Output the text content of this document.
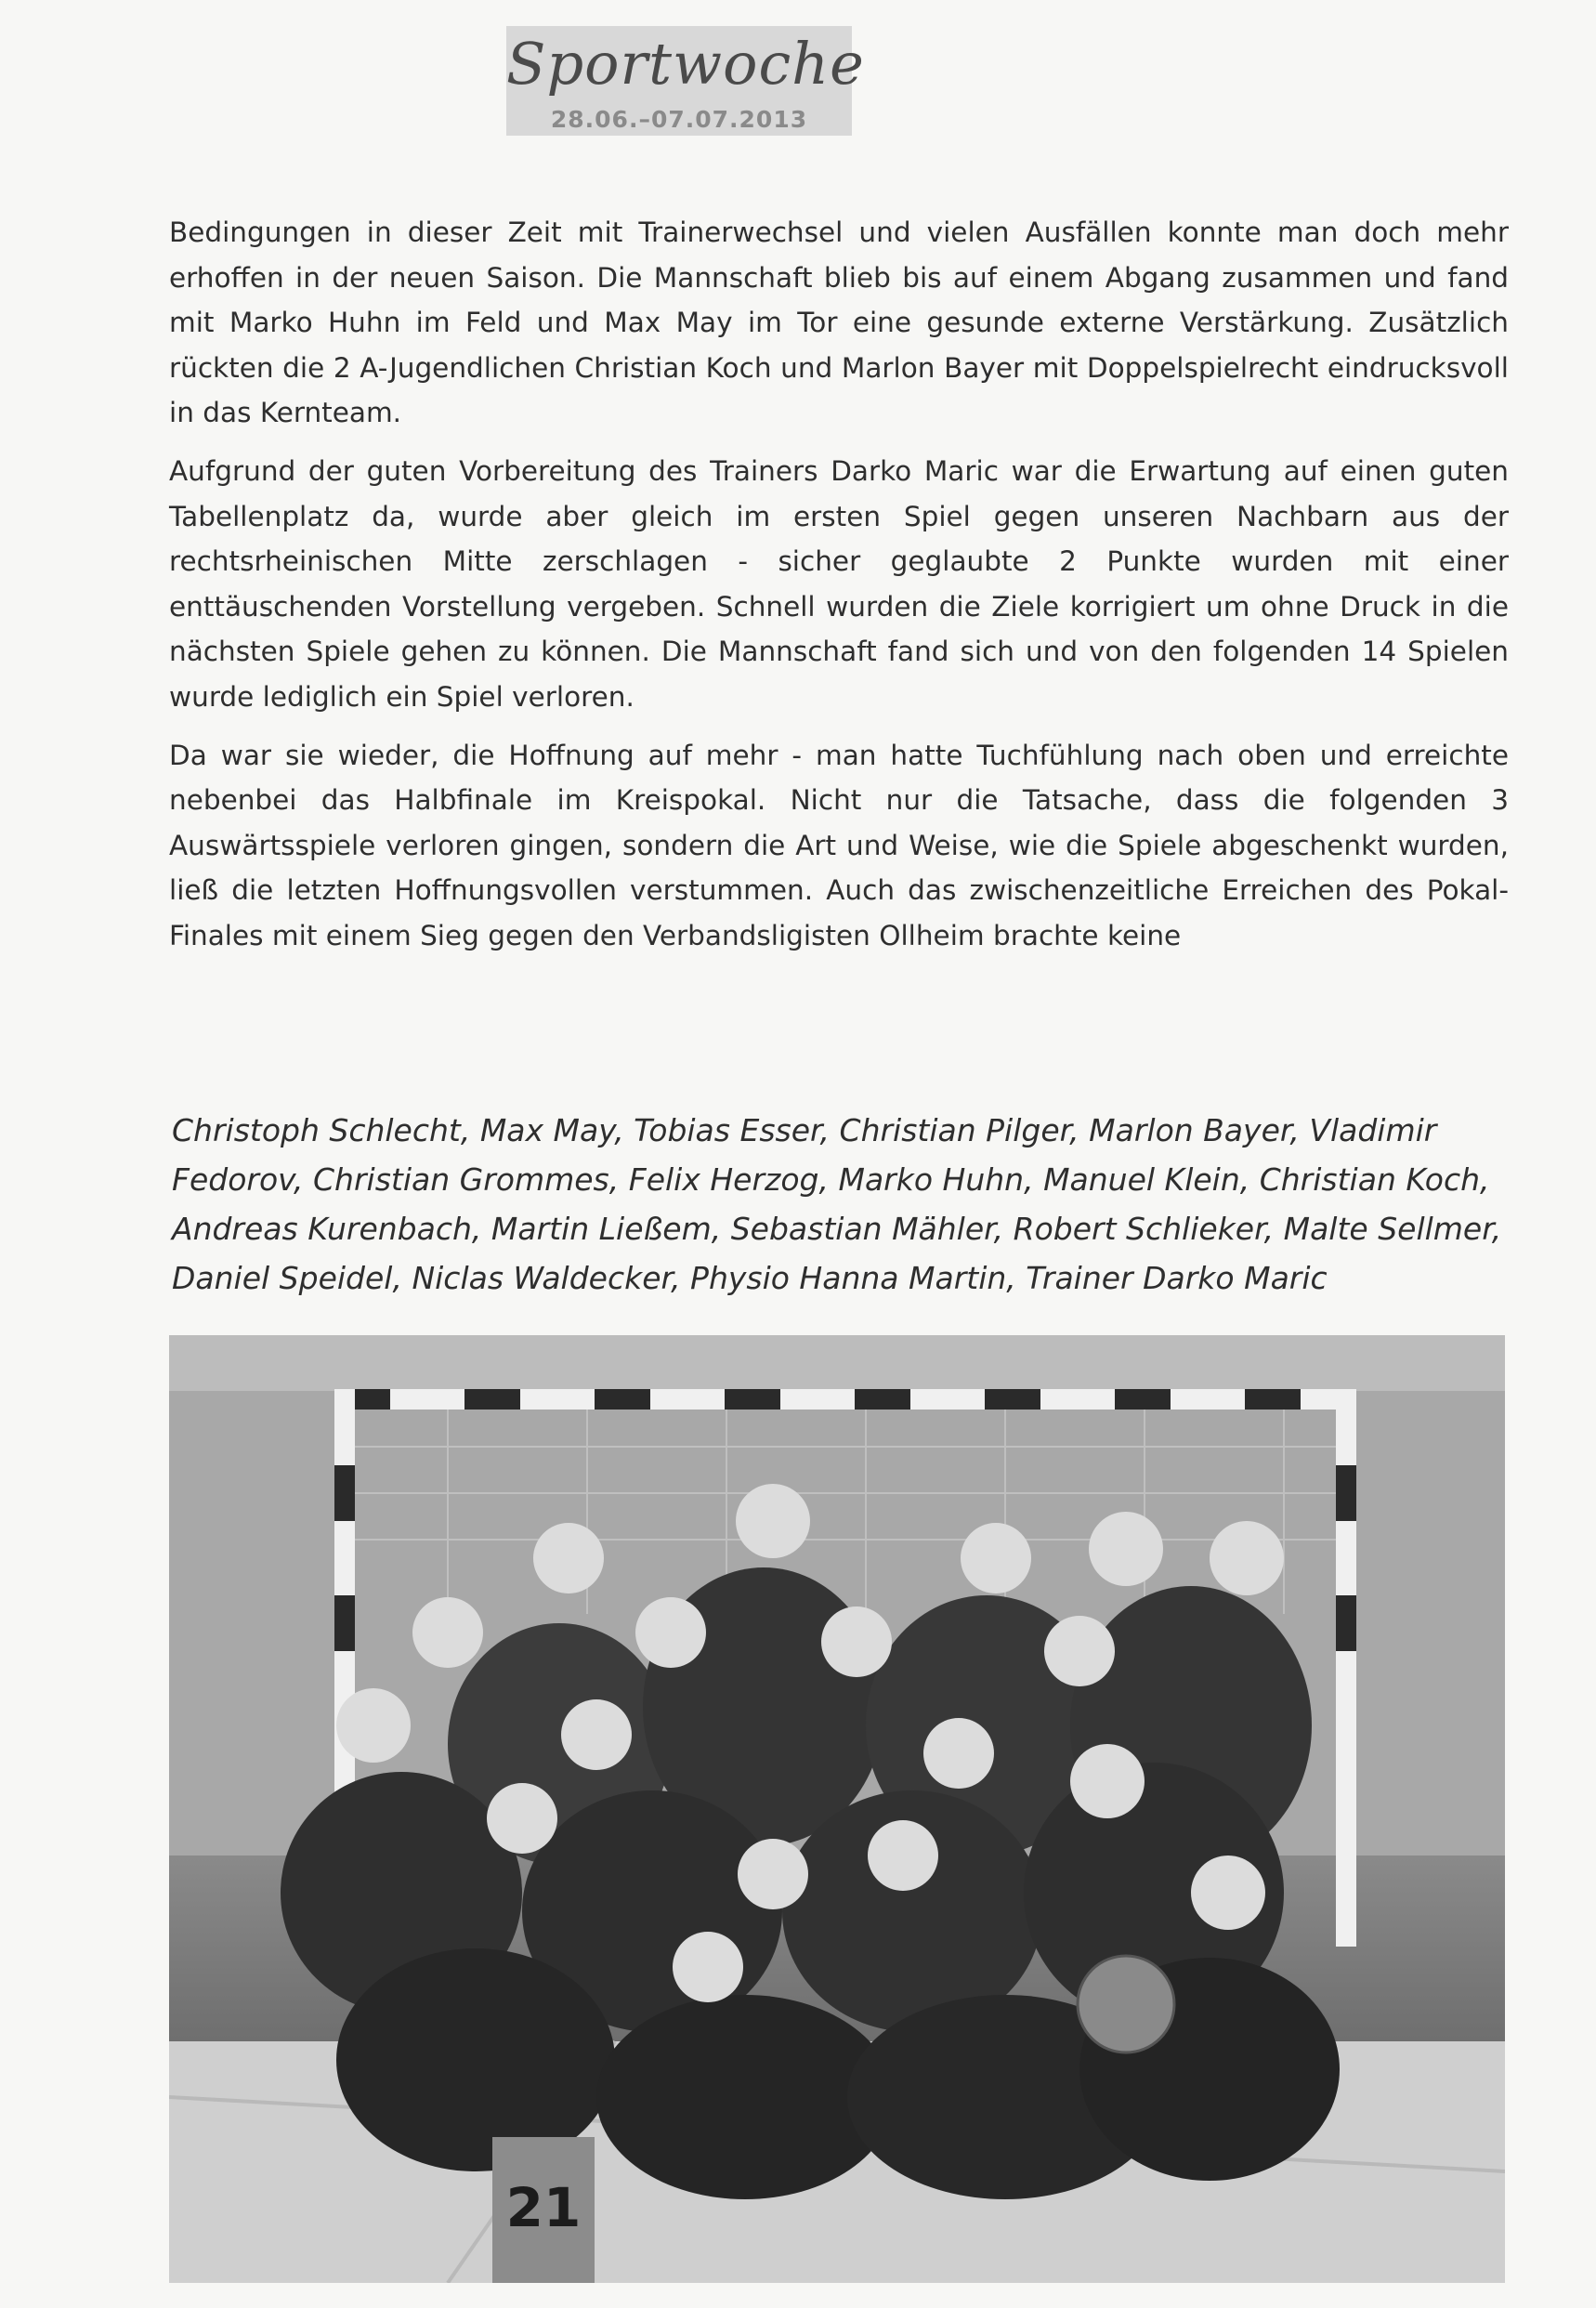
Sportwoche
28.06.–07.07.2013

Bedingungen in dieser Zeit mit Trainerwechsel und vielen Ausfällen konnte man doch mehr erhoffen in der neuen Saison. Die Mannschaft blieb bis auf einem Abgang zusammen und fand mit Marko Huhn im Feld und Max May im Tor eine gesunde externe Verstärkung. Zusätzlich rückten die 2 A-Jugendlichen Christian Koch und Marlon Bayer mit Doppelspielrecht eindrucksvoll in das Kernteam.

Aufgrund der guten Vorbereitung des Trainers Darko Maric war die Erwartung auf einen guten Tabellenplatz da, wurde aber gleich im ersten Spiel gegen unseren Nachbarn aus der rechtsrheinischen Mitte zerschlagen - sicher geglaubte 2 Punkte wurden mit einer enttäuschenden Vorstellung vergeben. Schnell wurden die Ziele korrigiert um ohne Druck in die nächsten Spiele gehen zu können. Die Mannschaft fand sich und von den folgenden 14 Spielen wurde lediglich ein Spiel verloren.

Da war sie wieder, die Hoffnung auf mehr - man hatte Tuchfühlung nach oben und erreichte nebenbei das Halbfinale im Kreispokal. Nicht nur die Tatsache, dass die folgenden 3 Auswärtsspiele verloren gingen, sondern die Art und Weise, wie die Spiele abgeschenkt wurden, ließ die letzten Hoffnungsvollen verstummen. Auch das zwischenzeitliche Erreichen des Pokal-Finales mit einem Sieg gegen den Verbandsligisten Ollheim brachte keine

Christoph Schlecht, Max May, Tobias Esser, Christian Pilger, Marlon Bayer, Vladimir Fedorov, Christian Grommes, Felix Herzog, Marko Huhn, Manuel Klein, Christian Koch, Andreas Kurenbach, Martin Ließem, Sebastian Mähler, Robert Schlieker, Malte Sellmer, Daniel Speidel, Niclas Waldecker, Physio Hanna Martin, Trainer Darko Maric
21
